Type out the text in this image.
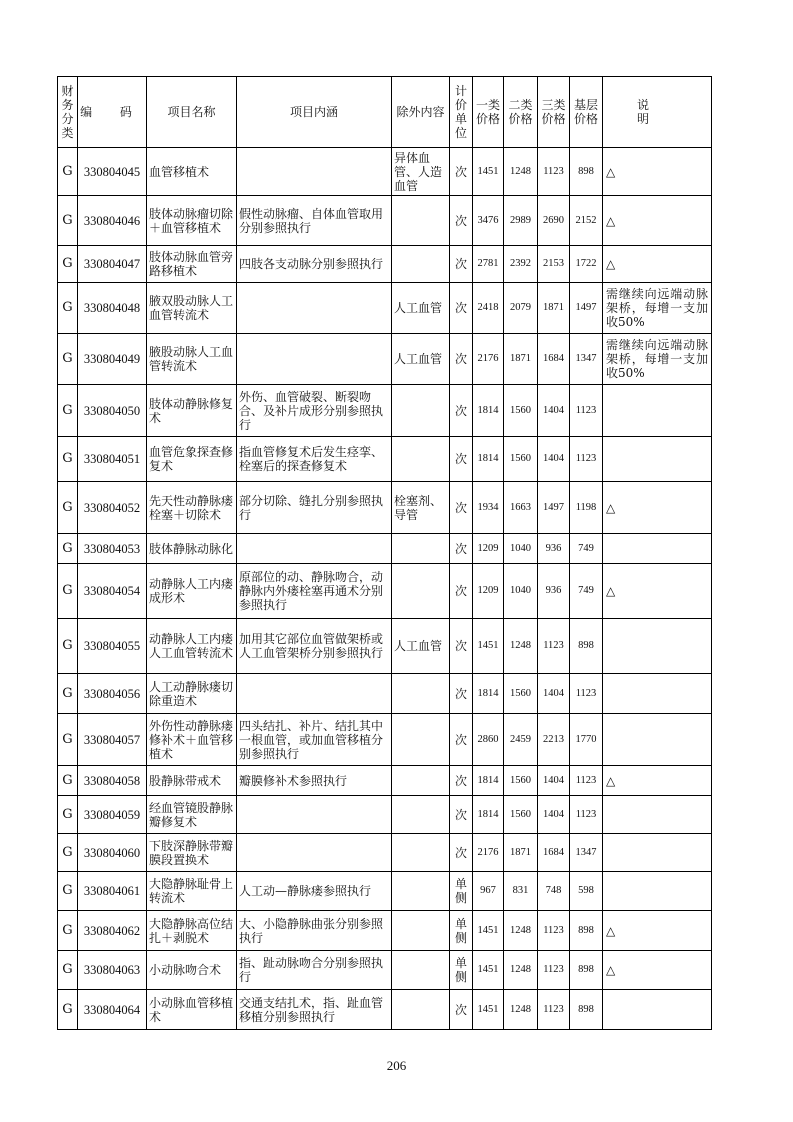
财务分类	编 码	项目名称	项目内涵	除外内容	计价单位	一类价格	二类价格	三类价格	基层价格	说 明
G	330804045	血管移植术		异体血管、人造血管	次	1451	1248	1123	898	△
G	330804046	肢体动脉瘤切除＋血管移植术	假性动脉瘤、自体血管取用分别参照执行		次	3476	2989	2690	2152	△
G	330804047	肢体动脉血管旁路移植术	四肢各支动脉分别参照执行		次	2781	2392	2153	1722	△
G	330804048	腋双股动脉人工血管转流术		人工血管	次	2418	2079	1871	1497	需继续向远端动脉架桥，每增一支加收50%
G	330804049	腋股动脉人工血管转流术		人工血管	次	2176	1871	1684	1347	需继续向远端动脉架桥，每增一支加收50%
G	330804050	肢体动静脉修复术	外伤、血管破裂、断裂吻合、及补片成形分别参照执行		次	1814	1560	1404	1123	
G	330804051	血管危象探查修复术	指血管修复术后发生痉挛、栓塞后的探查修复术		次	1814	1560	1404	1123	
G	330804052	先天性动静脉瘘栓塞＋切除术	部分切除、缝扎分别参照执行	栓塞剂、导管	次	1934	1663	1497	1198	△
G	330804053	肢体静脉动脉化			次	1209	1040	936	749	
G	330804054	动静脉人工内瘘成形术	原部位的动、静脉吻合，动静脉内外瘘栓塞再通术分别参照执行		次	1209	1040	936	749	△
G	330804055	动静脉人工内瘘人工血管转流术	加用其它部位血管做架桥或人工血管架桥分别参照执行	人工血管	次	1451	1248	1123	898	
G	330804056	人工动静脉瘘切除重造术			次	1814	1560	1404	1123	
G	330804057	外伤性动静脉瘘修补术＋血管移植术	四头结扎、补片、结扎其中一根血管，或加血管移植分别参照执行		次	2860	2459	2213	1770	
G	330804058	股静脉带戒术	瓣膜修补术参照执行		次	1814	1560	1404	1123	△
G	330804059	经血管镜股静脉瓣修复术			次	1814	1560	1404	1123	
G	330804060	下肢深静脉带瓣膜段置换术			次	2176	1871	1684	1347	
G	330804061	大隐静脉耻骨上转流术	人工动—静脉瘘参照执行		单侧	967	831	748	598	
G	330804062	大隐静脉高位结扎＋剥脱术	大、小隐静脉曲张分别参照执行		单侧	1451	1248	1123	898	△
G	330804063	小动脉吻合术	指、趾动脉吻合分别参照执行		单侧	1451	1248	1123	898	△
G	330804064	小动脉血管移植术	交通支结扎术，指、趾血管移植分别参照执行		次	1451	1248	1123	898	
206
